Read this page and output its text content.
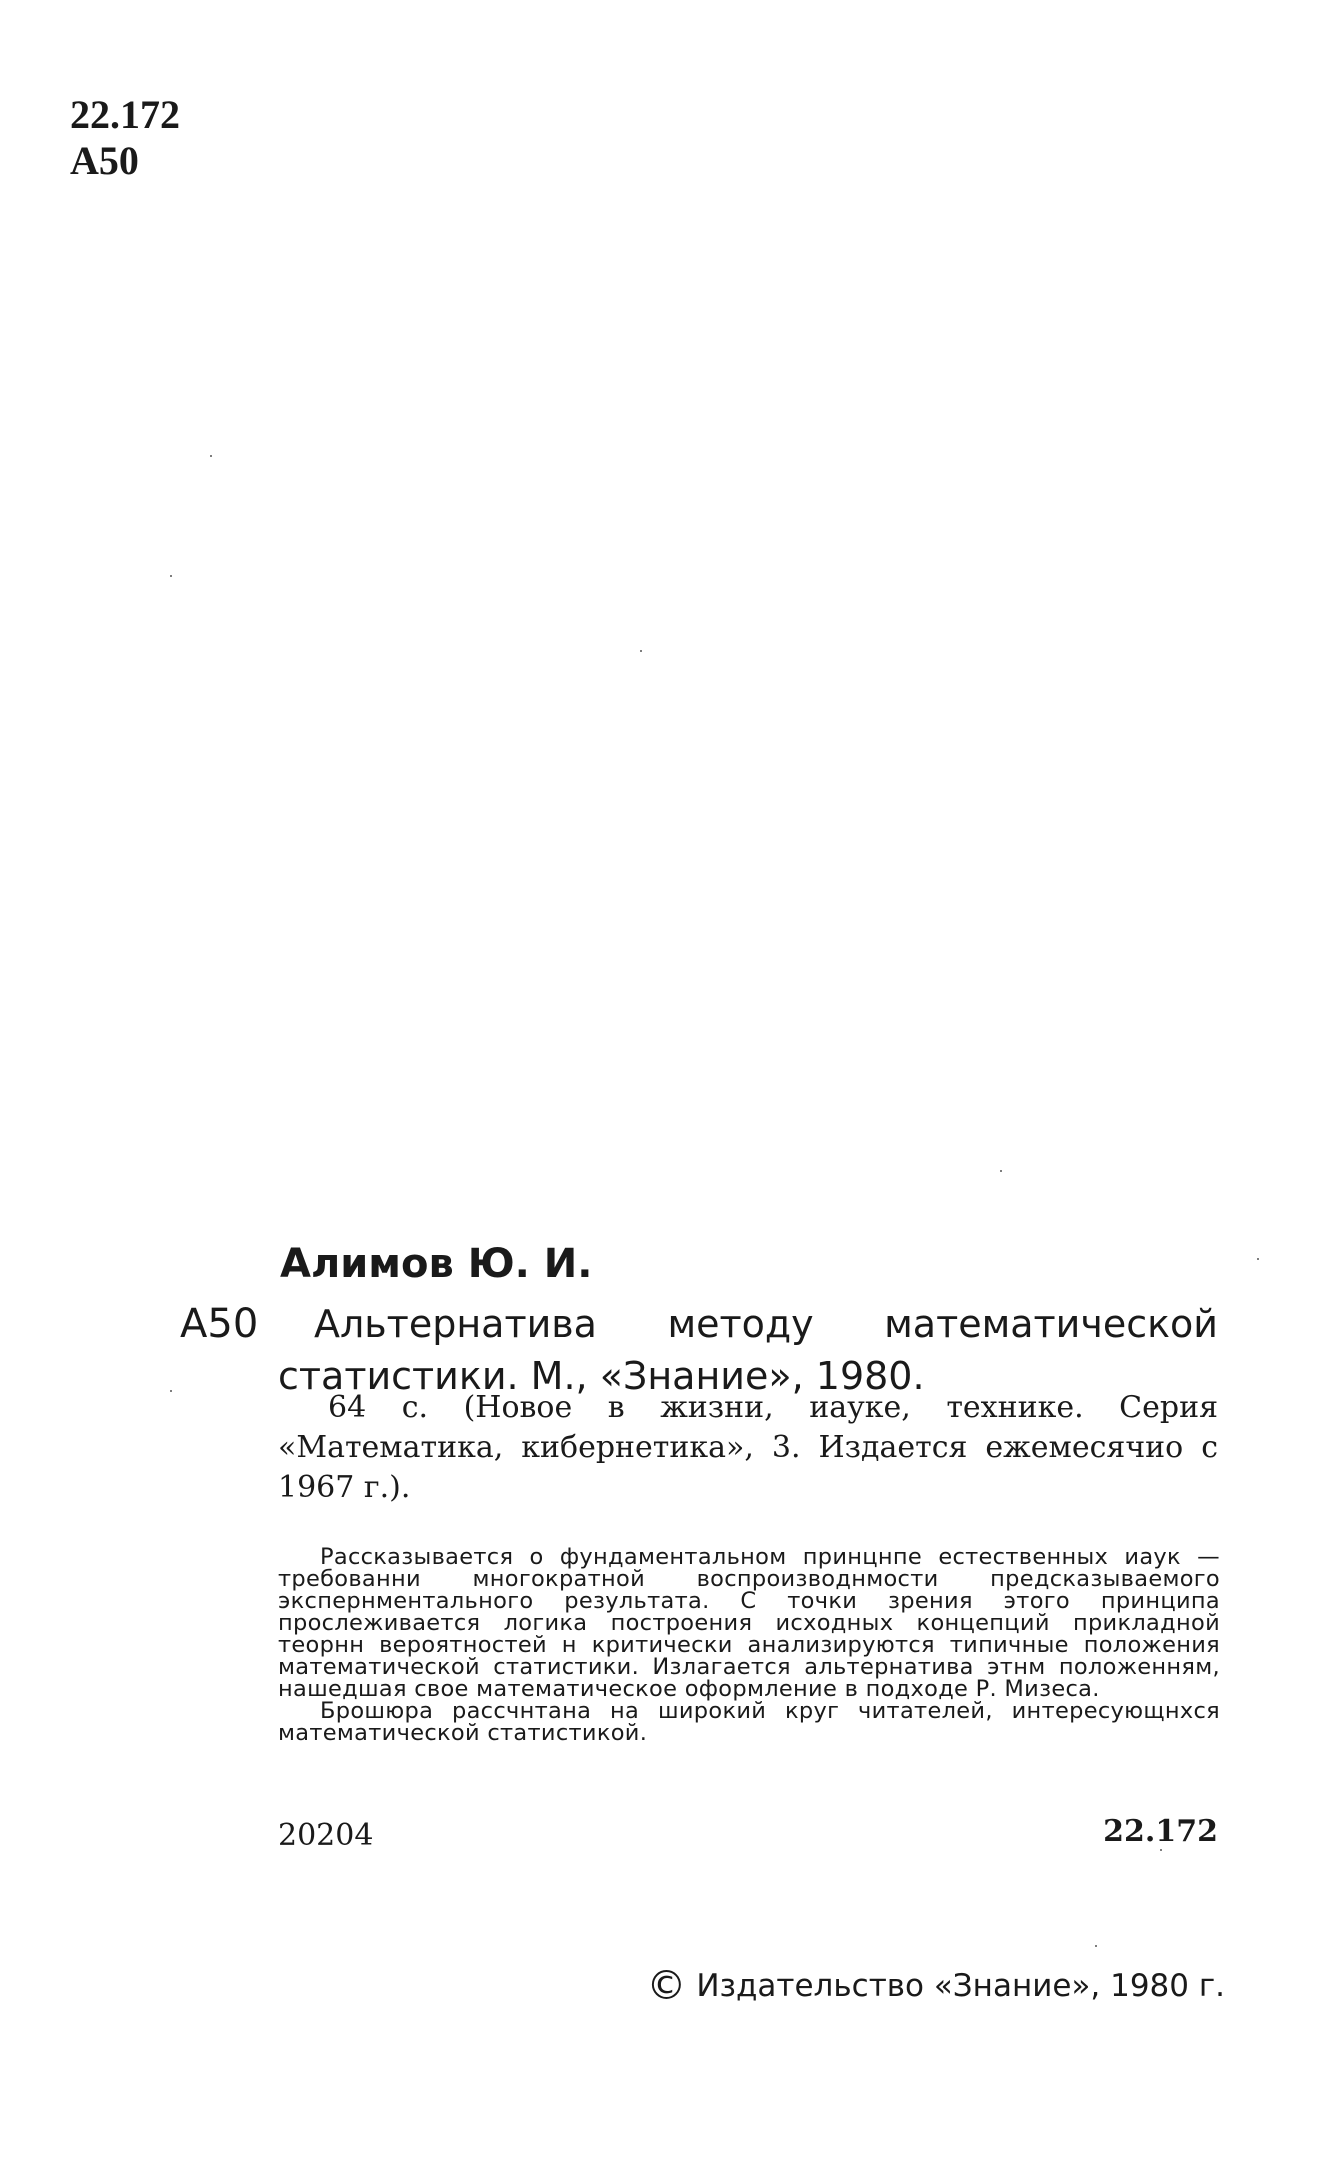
22.172
А50
Алимов Ю. И.
А50	Альтернатива методу математической статистики. М., «Знание», 1980.
64 с. (Новое в жизни, иауке, технике. Серия «Математика, кибернетика», 3. Издается ежемесячио с 1967 г.).

Рассказывается о фундаментальном принцнпе естественных иаук — требованни многократной воспроизводнмости предсказываемого экспернментального результата. С точки зрения этого принципа прослеживается логика построения исходных концепций прикладной теорнн вероятностей н критически анализируются типичные положения математической статистики. Излагается альтернатива этнм положенням, нашедшая свое математическое оформление в подходе Р. Мизеса.

Брошюра рассчнтана на широкий круг читателей, интересующнхся математической статистикой.

20204	22.172
© Издательство «Знание», 1980 г.
